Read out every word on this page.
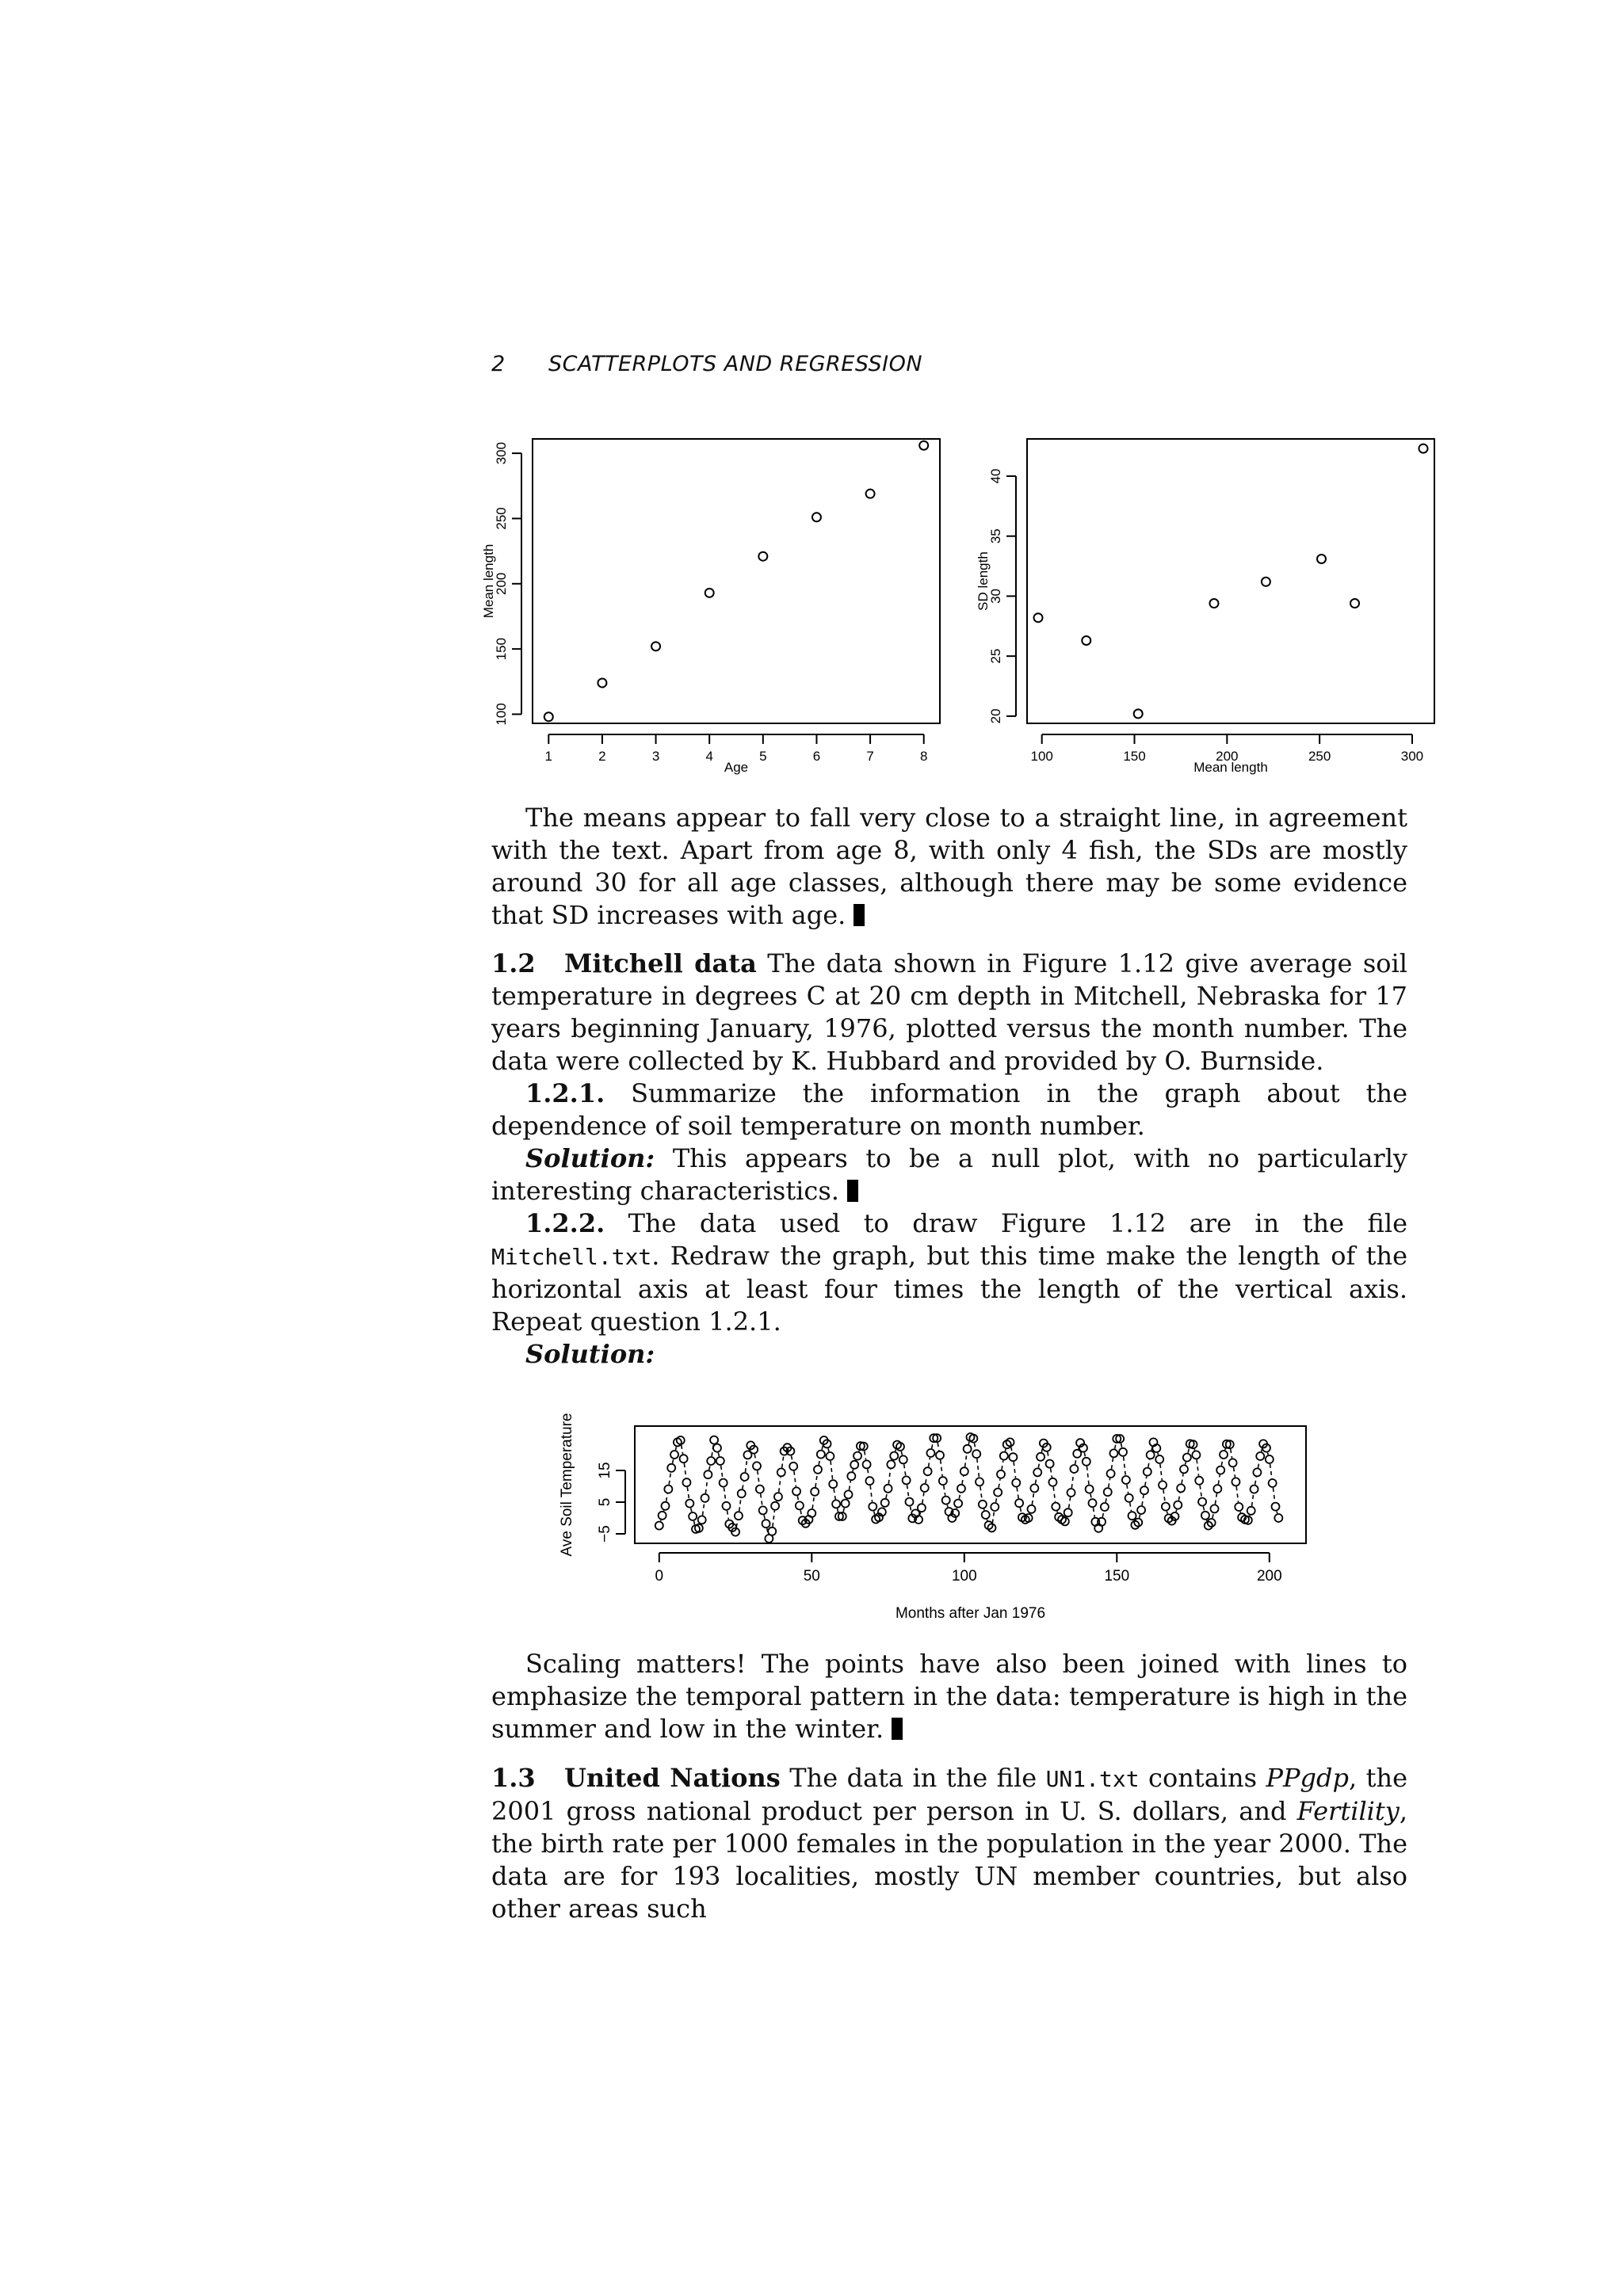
2 SCATTERPLOTS AND REGRESSION
1	2	3	4	5	6	7	8
Age
100
150
200
250
300
Mean length
100	150	200	250	300
Mean length
20
25
30
35
40
SD length
0	50	100	150	200
Months after Jan 1976
−5
5
15
Ave Soil Temperature

The means appear to fall very close to a straight line, in agreement with the text. Apart from age 8, with only 4 fish, the SDs are mostly around 30 for all age classes, although there may be some evidence that SD increases with age.

1.2 Mitchell data The data shown in Figure 1.12 give average soil temperature in degrees C at 20 cm depth in Mitchell, Nebraska for 17 years beginning January, 1976, plotted versus the month number. The data were collected by K. Hubbard and provided by O. Burnside.

1.2.1. Summarize the information in the graph about the dependence of soil temperature on month number.

Solution: This appears to be a null plot, with no particularly interesting characteristics.

1.2.2. The data used to draw Figure 1.12 are in the file Mitchell.txt. Redraw the graph, but this time make the length of the horizontal axis at least four times the length of the vertical axis. Repeat question 1.2.1.

Solution:

Scaling matters! The points have also been joined with lines to emphasize the temporal pattern in the data: temperature is high in the summer and low in the winter.

1.3 United Nations The data in the file UN1.txt contains PPgdp, the 2001 gross national product per person in U. S. dollars, and Fertility, the birth rate per 1000 females in the population in the year 2000. The data are for 193 localities, mostly UN member countries, but also other areas such
